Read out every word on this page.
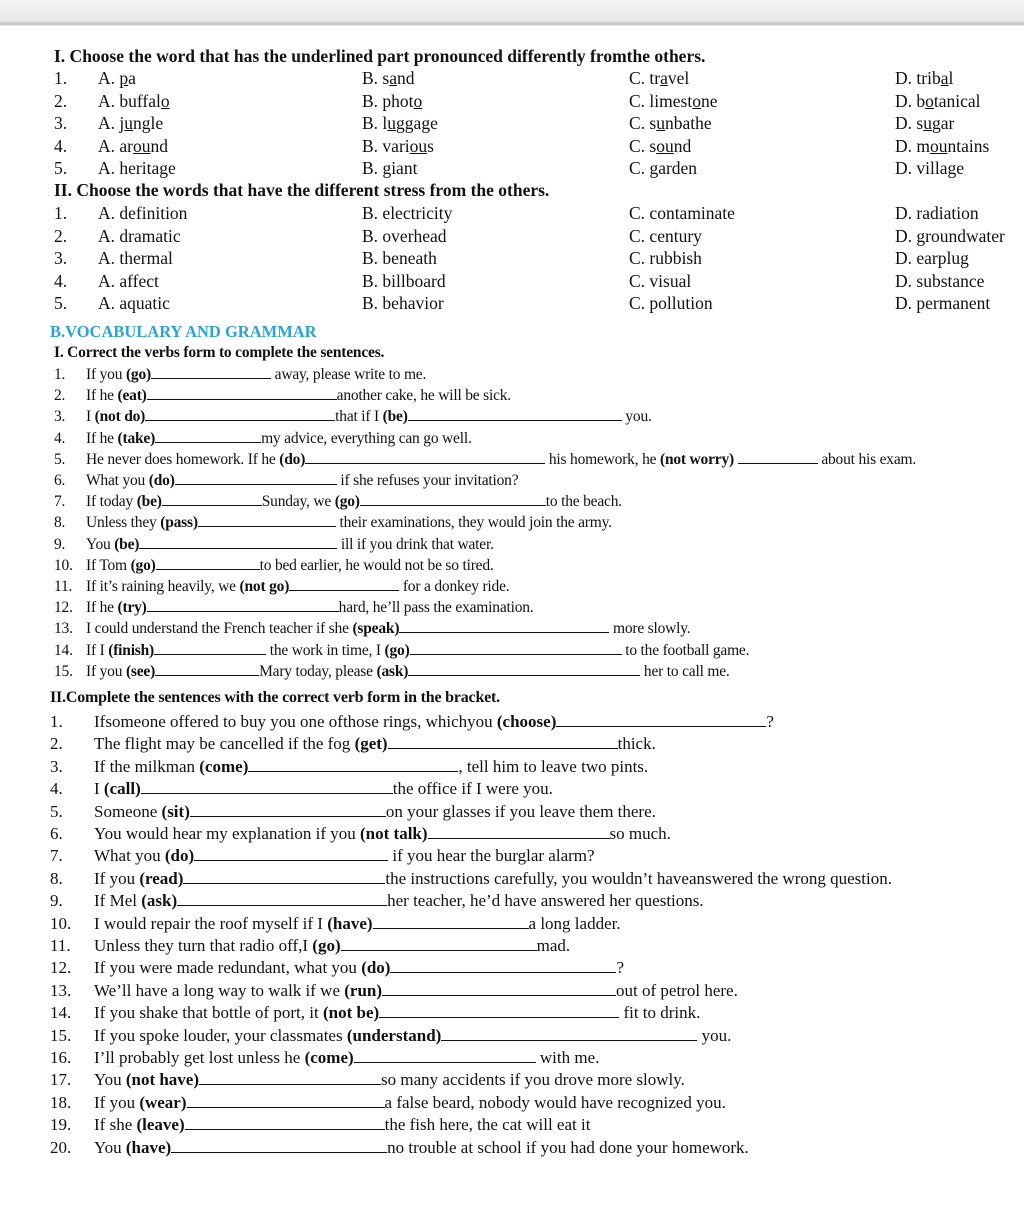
I. Choose the word that has the underlined part pronounced differently fromthe others.
1. A. pa	B. sand	C. travel	D. tribal
2. A. buffalo	B. photo	C. limestone	D. botanical
3. A. jungle	B. luggage	C. sunbathe	D. sugar
4. A. around	B. various	C. sound	D. mountains
5. A. heritage	B. giant	C. garden	D. village
II. Choose the words that have the different stress from the others.
1. A. definition	B. electricity	C. contaminate	D. radiation
2. A. dramatic	B. overhead	C. century	D. groundwater
3. A. thermal	B. beneath	C. rubbish	D. earplug
4. A. affect	B. billboard	C. visual	D. substance
5. A. aquatic	B. behavior	C. pollution	D. permanent
B.VOCABULARY AND GRAMMAR
I. Correct the verbs form to complete the sentences.
1. If you (go)	away, please write to me.
2. If he (eat)	another cake, he will be sick.
3. I (not do)	that if I (be)	you.
4. If he (take)	my advice, everything can go well.
5. He never does homework. If he (do)	his homework, he (not worry)	about his exam.
6. What you (do)	if she refuses your invitation?
7. If today (be)	Sunday, we (go)	to the beach.
8. Unless they (pass)	their examinations, they would join the army.
9. You (be)	ill if you drink that water.
10. If Tom (go)	to bed earlier, he would not be so tired.
11. If it’s raining heavily, we (not go)	for a donkey ride.
12. If he (try)	hard, he’ll pass the examination.
13. I could understand the French teacher if she (speak)	more slowly.
14. If I (finish)	the work in time, I (go)	to the football game.
15. If you (see)	Mary today, please (ask)	her to call me.
II.Complete the sentences with the correct verb form in the bracket.
1. Ifsomeone offered to buy you one ofthose rings, whichyou (choose)	?
2. The flight may be cancelled if the fog (get)	thick.
3. If the milkman (come)	, tell him to leave two pints.
4. I (call)	the office if I were you.
5. Someone (sit)	on your glasses if you leave them there.
6. You would hear my explanation if you (not talk)	so much.
7. What you (do)	if you hear the burglar alarm?
8. If you (read)	the instructions carefully, you wouldn’t haveanswered the wrong question.
9. If Mel (ask)	her teacher, he’d have answered her questions.
10. I would repair the roof myself if I (have)	a long ladder.
11. Unless they turn that radio off,I (go)	mad.
12. If you were made redundant, what you (do)	?
13. We’ll have a long way to walk if we (run)	out of petrol here.
14. If you shake that bottle of port, it (not be)	fit to drink.
15. If you spoke louder, your classmates (understand)	you.
16. I’ll probably get lost unless he (come)	with me.
17. You (not have)	so many accidents if you drove more slowly.
18. If you (wear)	a false beard, nobody would have recognized you.
19. If she (leave)	the fish here, the cat will eat it
20. You (have)	no trouble at school if you had done your homework.
